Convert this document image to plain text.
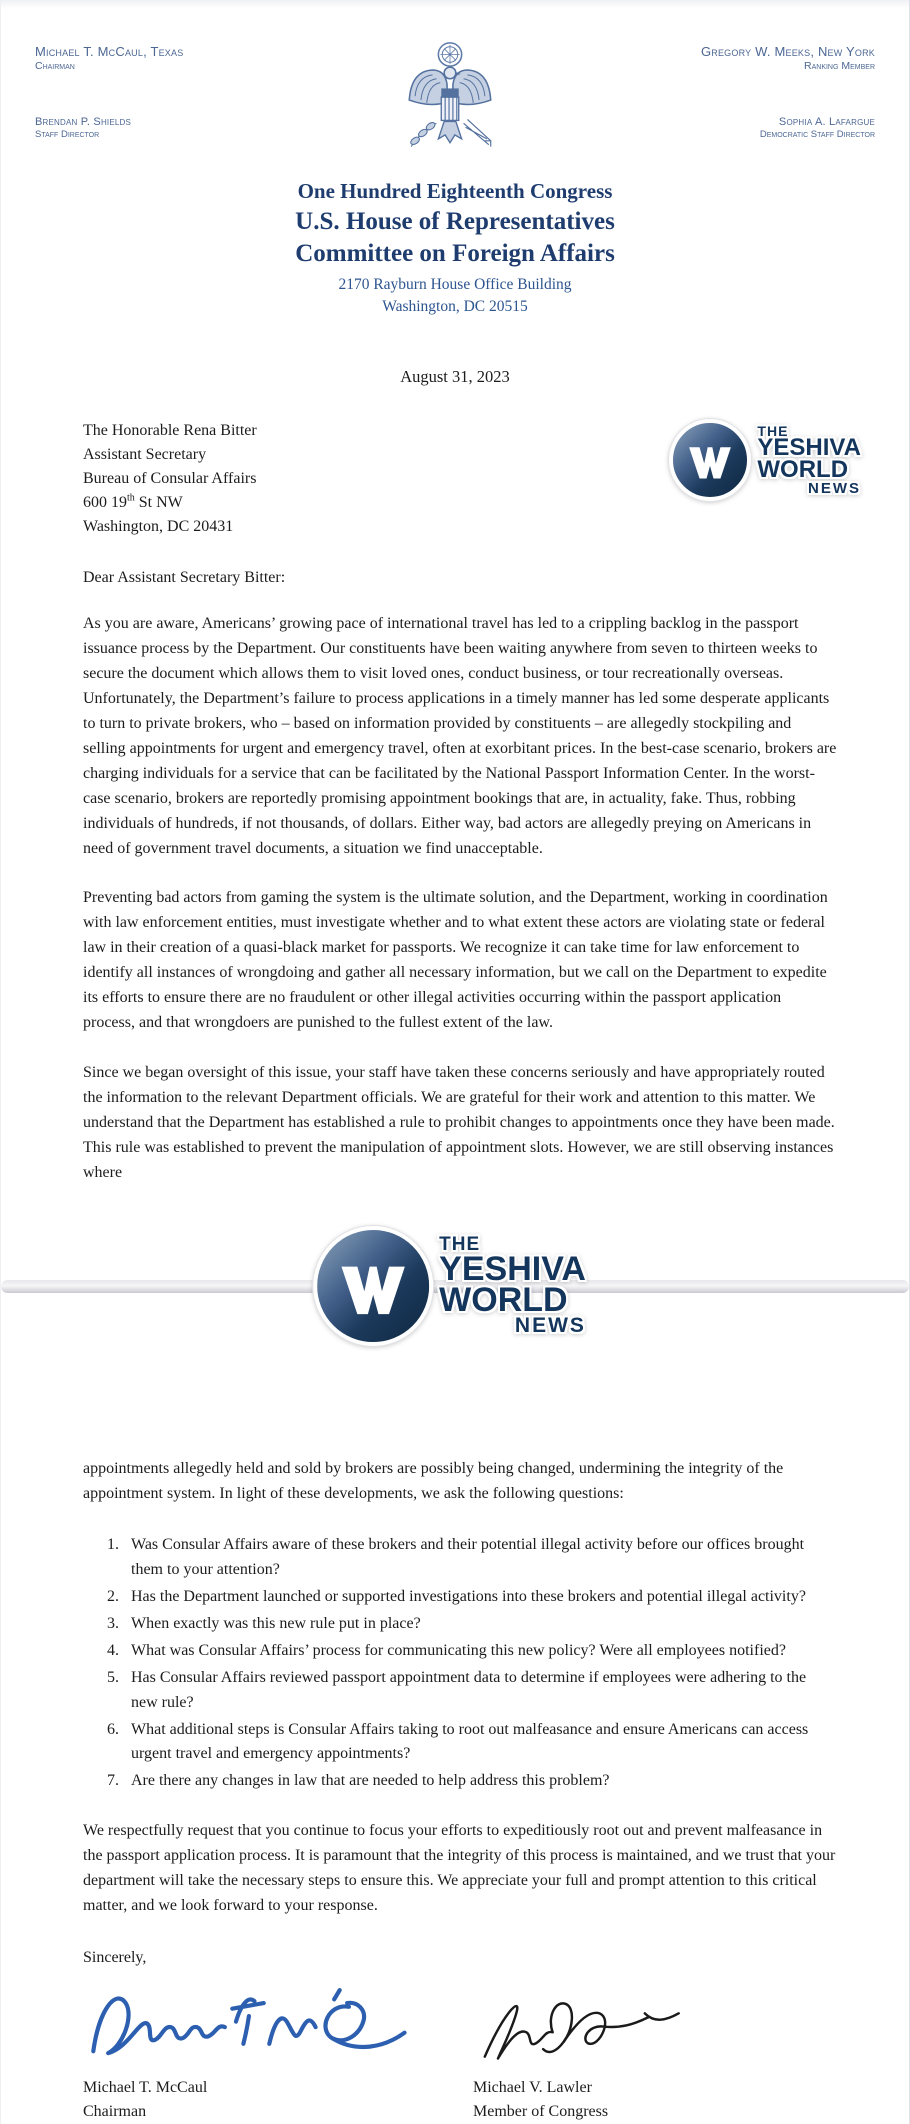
Michael T. McCaul, Texas
Chairman
Brendan P. Shields
Staff Director
Gregory W. Meeks, New York
Ranking Member
Sophia A. Lafargue
Democratic Staff Director
One Hundred Eighteenth Congress
U.S. House of Representatives
Committee on Foreign Affairs
2170 Rayburn House Office Building
Washington, DC 20515
August 31, 2023
The Honorable Rena Bitter
Assistant Secretary
Bureau of Consular Affairs
600 19th St NW
Washington, DC 20431
THE
YESHIVA
WORLD
NEWS
Dear Assistant Secretary Bitter:

As you are aware, Americans’ growing pace of international travel has led to a crippling backlog in the passport issuance process by the Department. Our constituents have been waiting anywhere from seven to thirteen weeks to secure the document which allows them to visit loved ones, conduct business, or tour recreationally overseas. Unfortunately, the Department’s failure to process applications in a timely manner has led some desperate applicants to turn to private brokers, who – based on information provided by constituents – are allegedly stockpiling and selling appointments for urgent and emergency travel, often at exorbitant prices. In the best-case scenario, brokers are charging individuals for a service that can be facilitated by the National Passport Information Center. In the worst-case scenario, brokers are reportedly promising appointment bookings that are, in actuality, fake. Thus, robbing individuals of hundreds, if not thousands, of dollars. Either way, bad actors are allegedly preying on Americans in need of government travel documents, a situation we find unacceptable.

Preventing bad actors from gaming the system is the ultimate solution, and the Department, working in coordination with law enforcement entities, must investigate whether and to what extent these actors are violating state or federal law in their creation of a quasi-black market for passports. We recognize it can take time for law enforcement to identify all instances of wrongdoing and gather all necessary information, but we call on the Department to expedite its efforts to ensure there are no fraudulent or other illegal activities occurring within the passport application process, and that wrongdoers are punished to the fullest extent of the law.

Since we began oversight of this issue, your staff have taken these concerns seriously and have appropriately routed the information to the relevant Department officials. We are grateful for their work and attention to this matter. We understand that the Department has established a rule to prohibit changes to appointments once they have been made. This rule was established to prevent the manipulation of appointment slots. However, we are still observing instances where

THE
YESHIVA
WORLD
NEWS

appointments allegedly held and sold by brokers are possibly being changed, undermining the integrity of the appointment system. In light of these developments, we ask the following questions:

1. Was Consular Affairs aware of these brokers and their potential illegal activity before our offices brought them to your attention?
2. Has the Department launched or supported investigations into these brokers and potential illegal activity?
3. When exactly was this new rule put in place?
4. What was Consular Affairs’ process for communicating this new policy? Were all employees notified?
5. Has Consular Affairs reviewed passport appointment data to determine if employees were adhering to the new rule?
6. What additional steps is Consular Affairs taking to root out malfeasance and ensure Americans can access urgent travel and emergency appointments?
7. Are there any changes in law that are needed to help address this problem?

We respectfully request that you continue to focus your efforts to expeditiously root out and prevent malfeasance in the passport application process. It is paramount that the integrity of this process is maintained, and we trust that your department will take the necessary steps to ensure this. We appreciate your full and prompt attention to this critical matter, and we look forward to your response.

Sincerely,
Michael T. McCaul
Chairman
Michael V. Lawler
Member of Congress
